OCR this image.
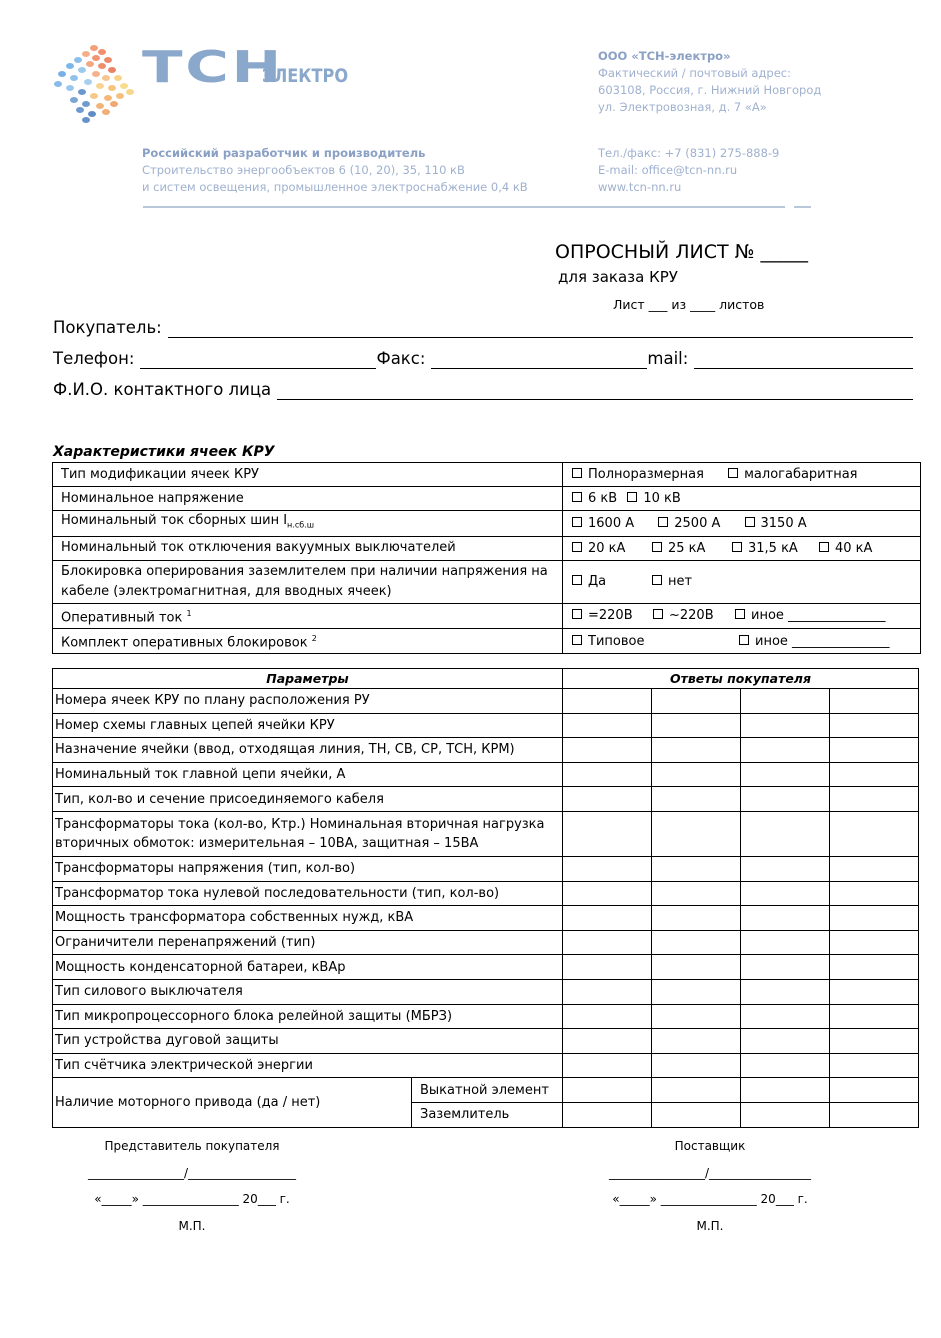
ТСН
ЭЛЕКТРО
ООО «ТСН-электро»
Фактический / почтовый адрес:
603108, Россия, г. Нижний Новгород
ул. Электровозная, д. 7 «А»
Российский разработчик и производитель
Строительство энергообъектов 6 (10, 20), 35, 110 кВ
и систем освещения, промышленное электроснабжение 0,4 кВ
Тел./факс: +7 (831) 275-888-9
E-mail: office@tcn-nn.ru
www.tcn-nn.ru
ОПРОСНЫЙ ЛИСТ № _____
для заказа КРУ
Лист ___ из ____ листов
Покупатель:
Телефон:	Факс:	mail:
Ф.И.О. контактного лица
Характеристики ячеек КРУ
Тип модификации ячеек КРУ	Полноразмерная малогабаритная
Номинальное напряжение	6 кВ 10 кВ
Номинальный ток сборных шин $I_{н.сб.ш}$	1600 А 2500 А 3150 А
Номинальный ток отключения вакуумных выключателей	20 кА 25 кА 31,5 кА 40 кА
Блокировка оперирования заземлителем при наличии напряжения на кабеле (электромагнитная, для вводных ячеек)	Да нет
Оперативный ток $^1$	=220В ~220В иное _______________
Комплект оперативных блокировок $^2$	Типовое иное _______________
Параметры		Ответы покупателя			
Номера ячеек КРУ по плану расположения РУ					
Номер схемы главных цепей ячейки КРУ					
Назначение ячейки (ввод, отходящая линия, ТН, СВ, СР, ТСН, КРМ)					
Номинальный ток главной цепи ячейки, А					
Тип, кол-во и сечение присоединяемого кабеля					
Трансформаторы тока (кол-во, Ктр.) Номинальная вторичная нагрузка вторичных обмоток: измерительная – 10ВА, защитная – 15ВА					
Трансформаторы напряжения (тип, кол-во)					
Трансформатор тока нулевой последовательности (тип, кол-во)					
Мощность трансформатора собственных нужд, кВА					
Ограничители перенапряжений (тип)					
Мощность конденсаторной батареи, кВАр					
Тип силового выключателя					
Тип микропроцессорного блока релейной защиты (МБРЗ)					
Тип устройства дуговой защиты					
Тип счётчика электрической энергии					
Наличие моторного привода (да / нет)	Выкатной элемент				
	Заземлитель				
Представитель покупателя
________________/__________________
«_____» ________________ 20___ г.
М.П.
Поставщик
________________/_________________
«_____» ________________ 20___ г.
М.П.
